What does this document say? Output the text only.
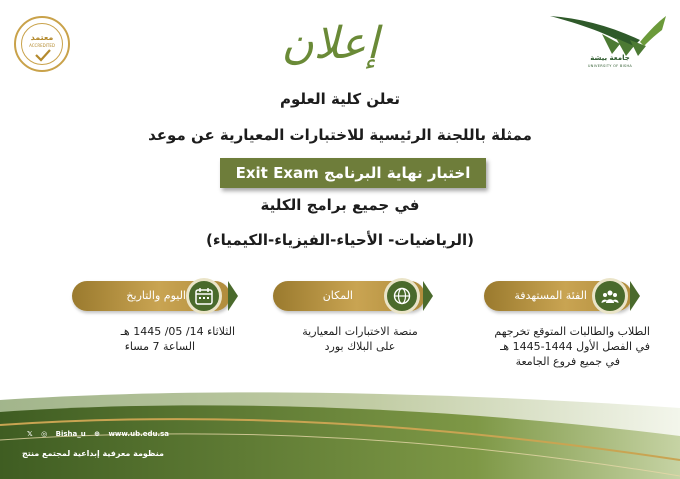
معتمد
ACCREDITED	إعلان	جامعة بيشة
UNIVERSITY OF BISHA
تعلن كلية العلوم
ممثلة باللجنة الرئيسية للاختبارات المعيارية عن موعد
اختبار نهاية البرنامج Exit Exam
في جميع برامج الكلية
(الرياضيات- الأحياء-الفيزياء-الكيمياء)
اليوم والتاريخ
الثلاثاء 14/ 05/ 1445 هـ
الساعة 7 مساء
المكان
منصة الاختبارات المعيارية
على البلاك بورد
الفئة المستهدفة
الطلاب والطالبات المتوقع تخرجهم
في الفصل الأول 1444-1445 هـ
في جميع فروع الجامعة
𝕏 ◎ Bisha_u ⊕ www.ub.edu.sa
منظومة معرفية إبداعية لمجتمع منتج
